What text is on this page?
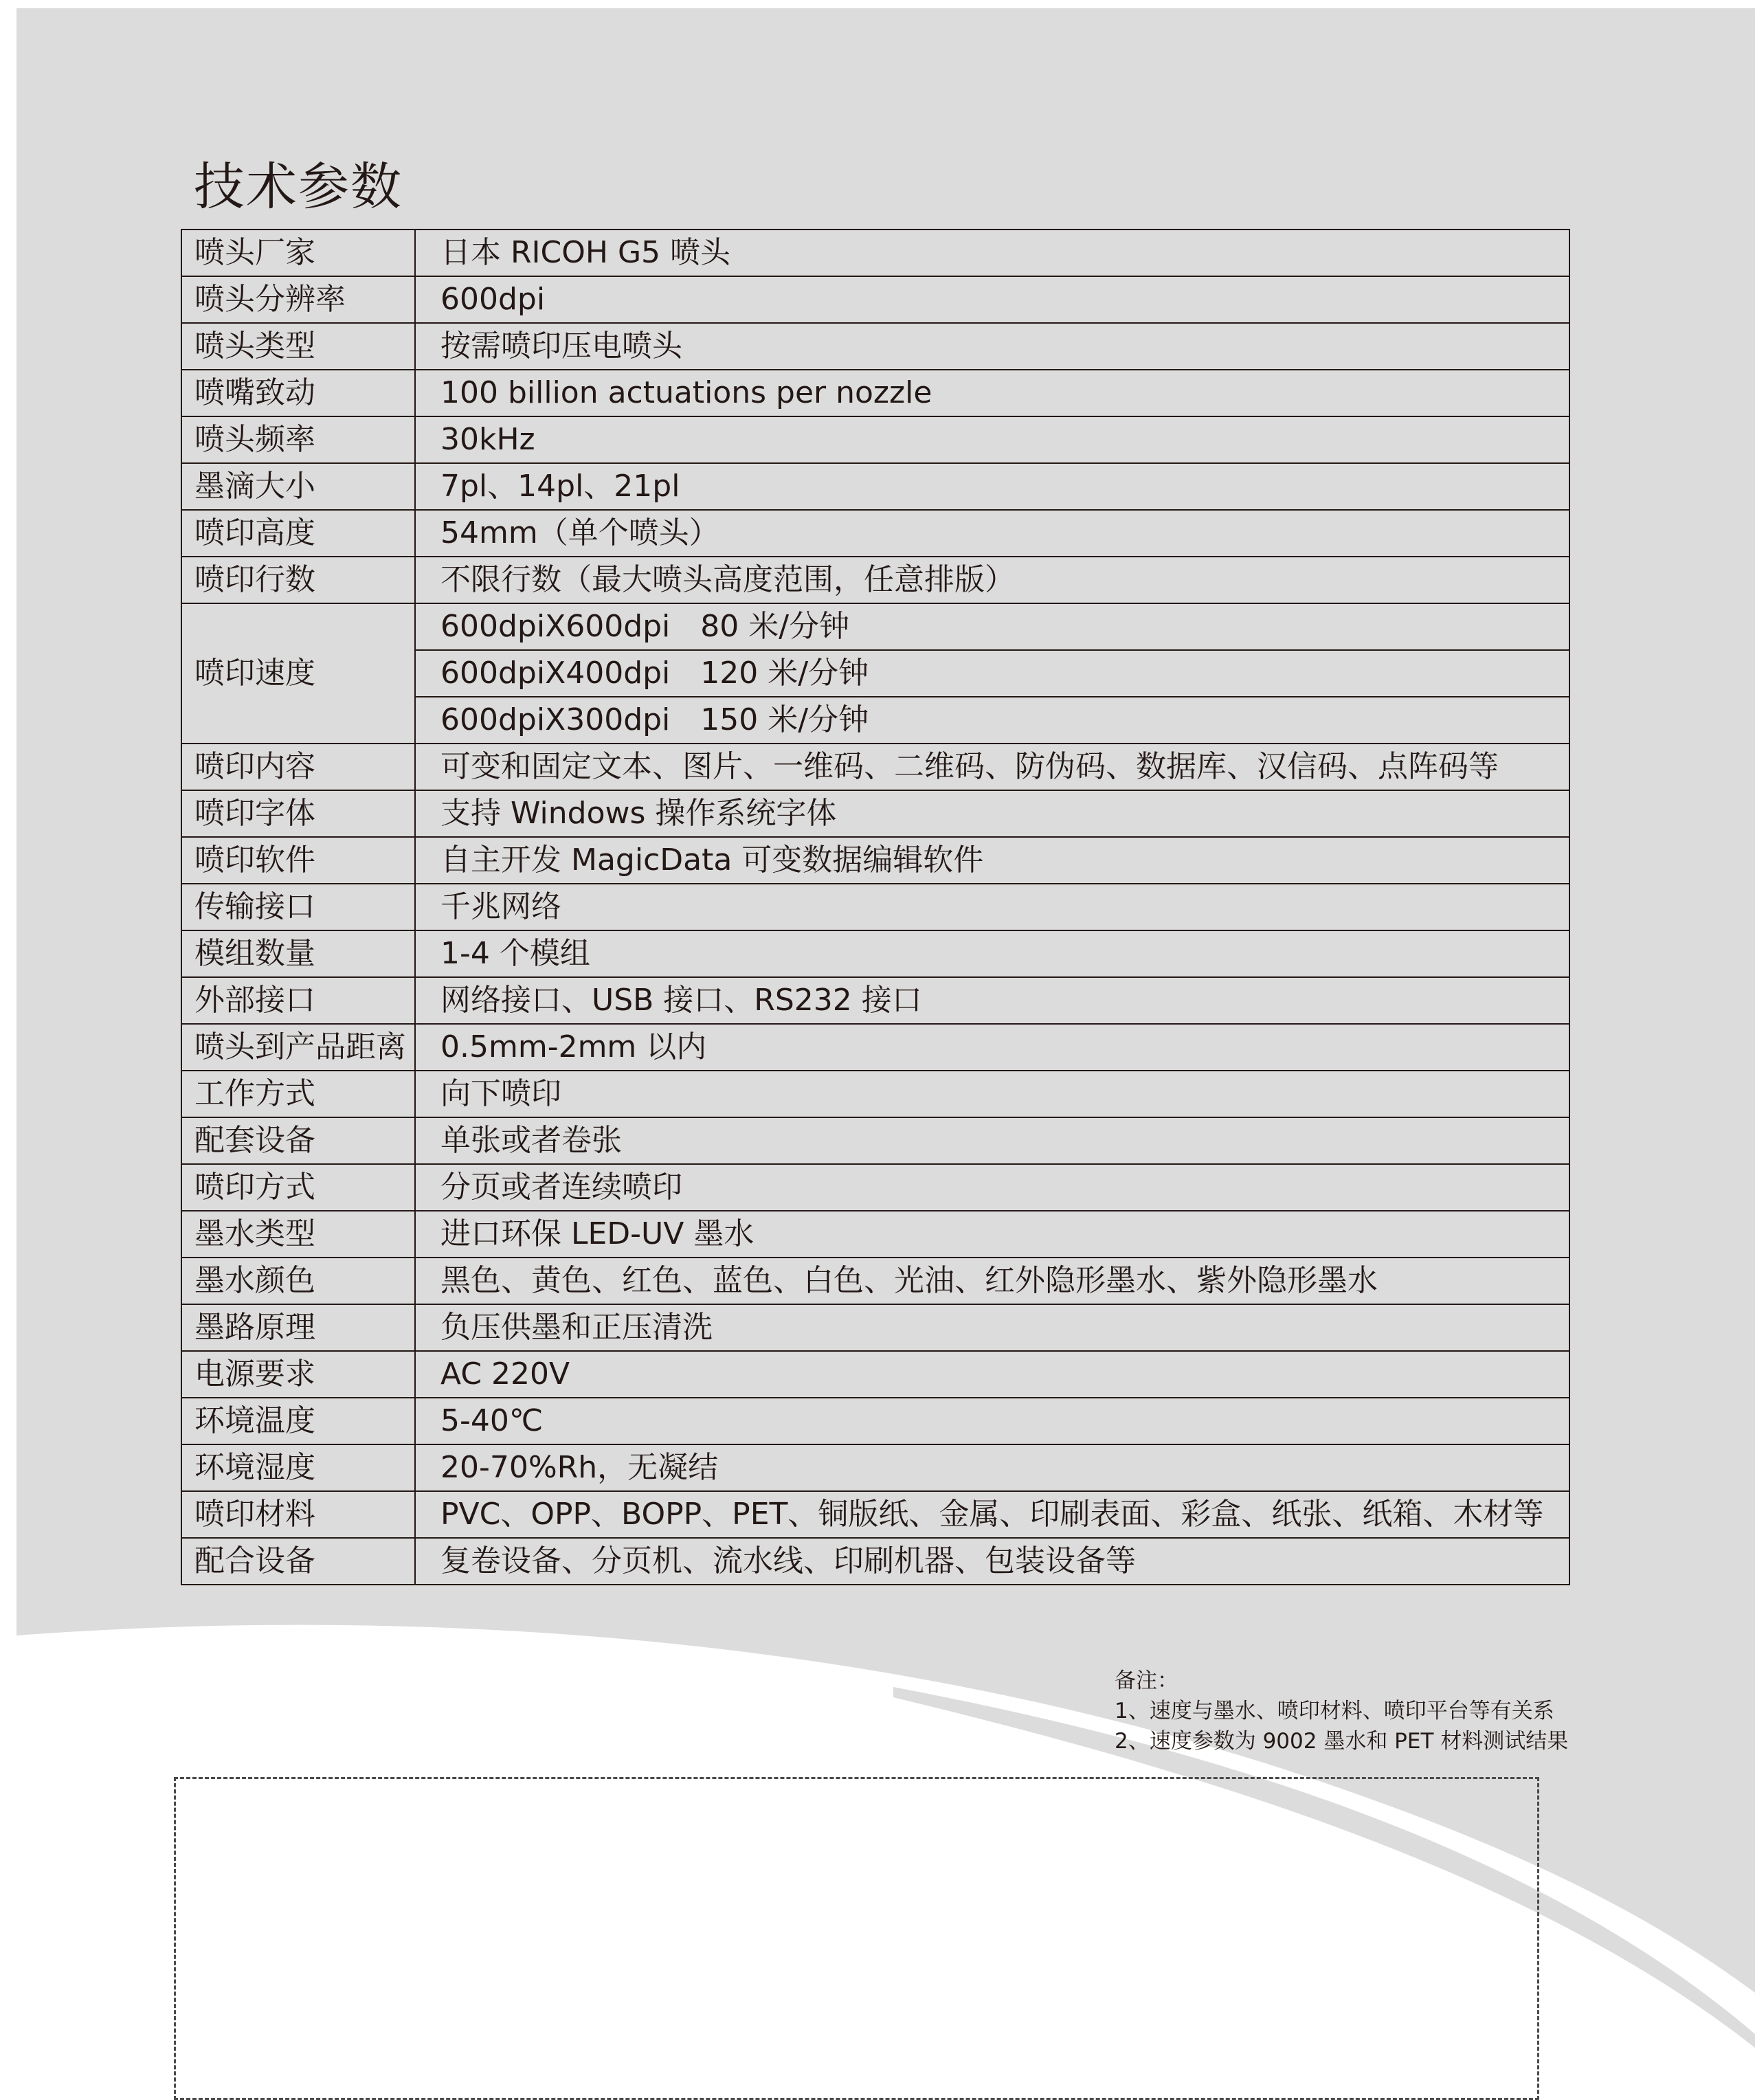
技术参数
喷头厂家	日本 RICOH G5 喷头
喷头分辨率	600dpi
喷头类型	按需喷印压电喷头
喷嘴致动	100 billion actuations per nozzle
喷头频率	30kHz
墨滴大小	7pl、14pl、21pl
喷印高度	54mm（单个喷头）
喷印行数	不限行数（最大喷头高度范围，任意排版）
喷印速度	600dpiX600dpi　80 米/分钟
	600dpiX400dpi　120 米/分钟
	600dpiX300dpi　150 米/分钟
喷印内容	可变和固定文本、图片、一维码、二维码、防伪码、数据库、汉信码、点阵码等
喷印字体	支持 Windows 操作系统字体
喷印软件	自主开发 MagicData 可变数据编辑软件
传输接口	千兆网络
模组数量	1-4 个模组
外部接口	网络接口、USB 接口、RS232 接口
喷头到产品距离	0.5mm-2mm 以内
工作方式	向下喷印
配套设备	单张或者卷张
喷印方式	分页或者连续喷印
墨水类型	进口环保 LED-UV 墨水
墨水颜色	黑色、黄色、红色、蓝色、白色、光油、红外隐形墨水、紫外隐形墨水
墨路原理	负压供墨和正压清洗
电源要求	AC 220V
环境温度	5-40℃
环境湿度	20-70%Rh，无凝结
喷印材料	PVC、OPP、BOPP、PET、铜版纸、金属、印刷表面、彩盒、纸张、纸箱、木材等
配合设备	复卷设备、分页机、流水线、印刷机器、包装设备等
备注：
1、速度与墨水、喷印材料、喷印平台等有关系
2、速度参数为 9002 墨水和 PET 材料测试结果
